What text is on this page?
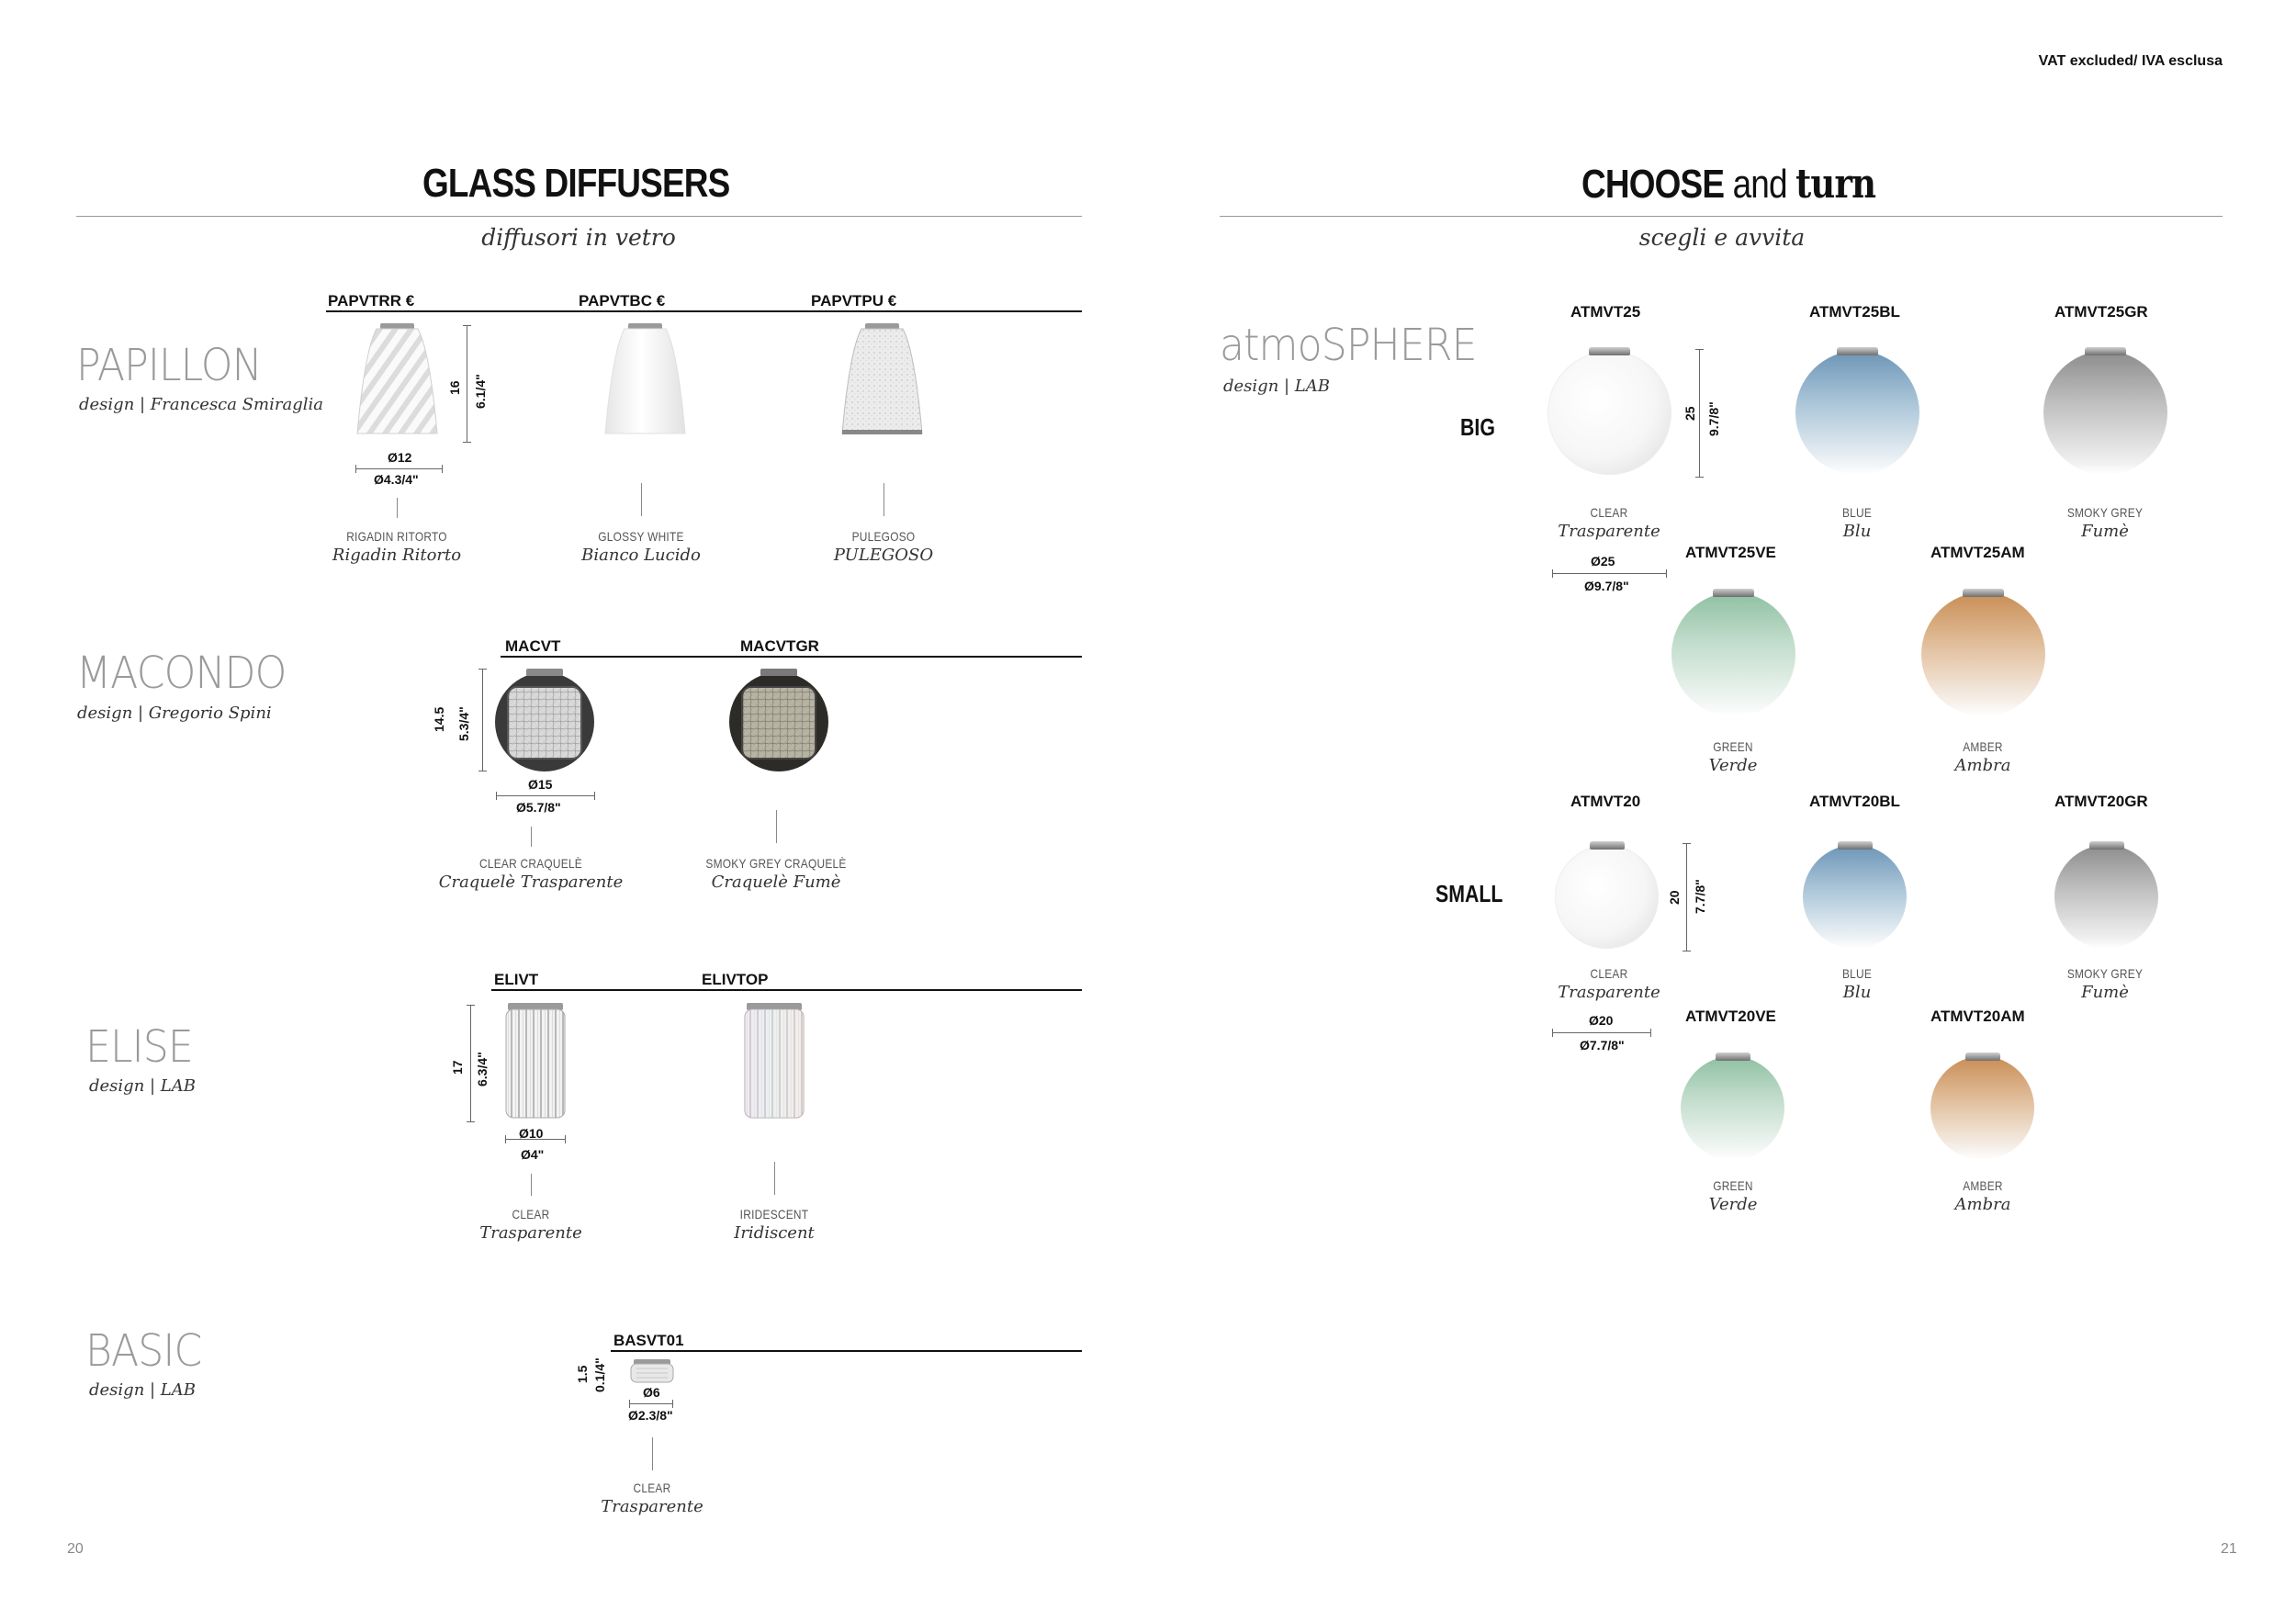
VAT excluded/ IVA esclusa
GLASS DIFFUSERS
diffusori in vetro
PAPILLON
design | Francesca Smiraglia
PAPVTRR €	PAPVTBC €	PAPVTPU €
16 6.1/4"
Ø12
Ø4.3/4"
RIGADIN RITORTO
Rigadin Ritorto
GLOSSY WHITE
Bianco Lucido
PULEGOSO
PULEGOSO
MACONDO
design | Gregorio Spini
MACVT	MACVTGR
14.5 5.3/4"
Ø15
Ø5.7/8"
CLEAR CRAQUELÈ
Craquelè Trasparente
SMOKY GREY CRAQUELÈ
Craquelè Fumè
ELISE
design | LAB
ELIVT	ELIVTOP
17 6.3/4"
Ø10
Ø4"
CLEAR
Trasparente
IRIDESCENT
Iridiscent
BASIC
design | LAB
BASVT01
1.5 0.1/4"	Ø6
Ø2.3/8"
CLEAR
Trasparente
20
CHOOSE and turn
scegli e avvita
atmoSPHERE
design | LAB
BIG
SMALL
ATMVT25	ATMVT25BL	ATMVT25GR
ATMVT25VE	ATMVT25AM
25 9.7/8"
CLEAR
Trasparente
Ø25
Ø9.7/8"
BLUE
Blu
SMOKY GREY
Fumè
GREEN
Verde
AMBER
Ambra
ATMVT20	ATMVT20BL	ATMVT20GR
ATMVT20VE	ATMVT20AM
20 7.7/8"
CLEAR
Trasparente
Ø20
Ø7.7/8"
BLUE
Blu
SMOKY GREY
Fumè
GREEN
Verde
AMBER
Ambra
21
